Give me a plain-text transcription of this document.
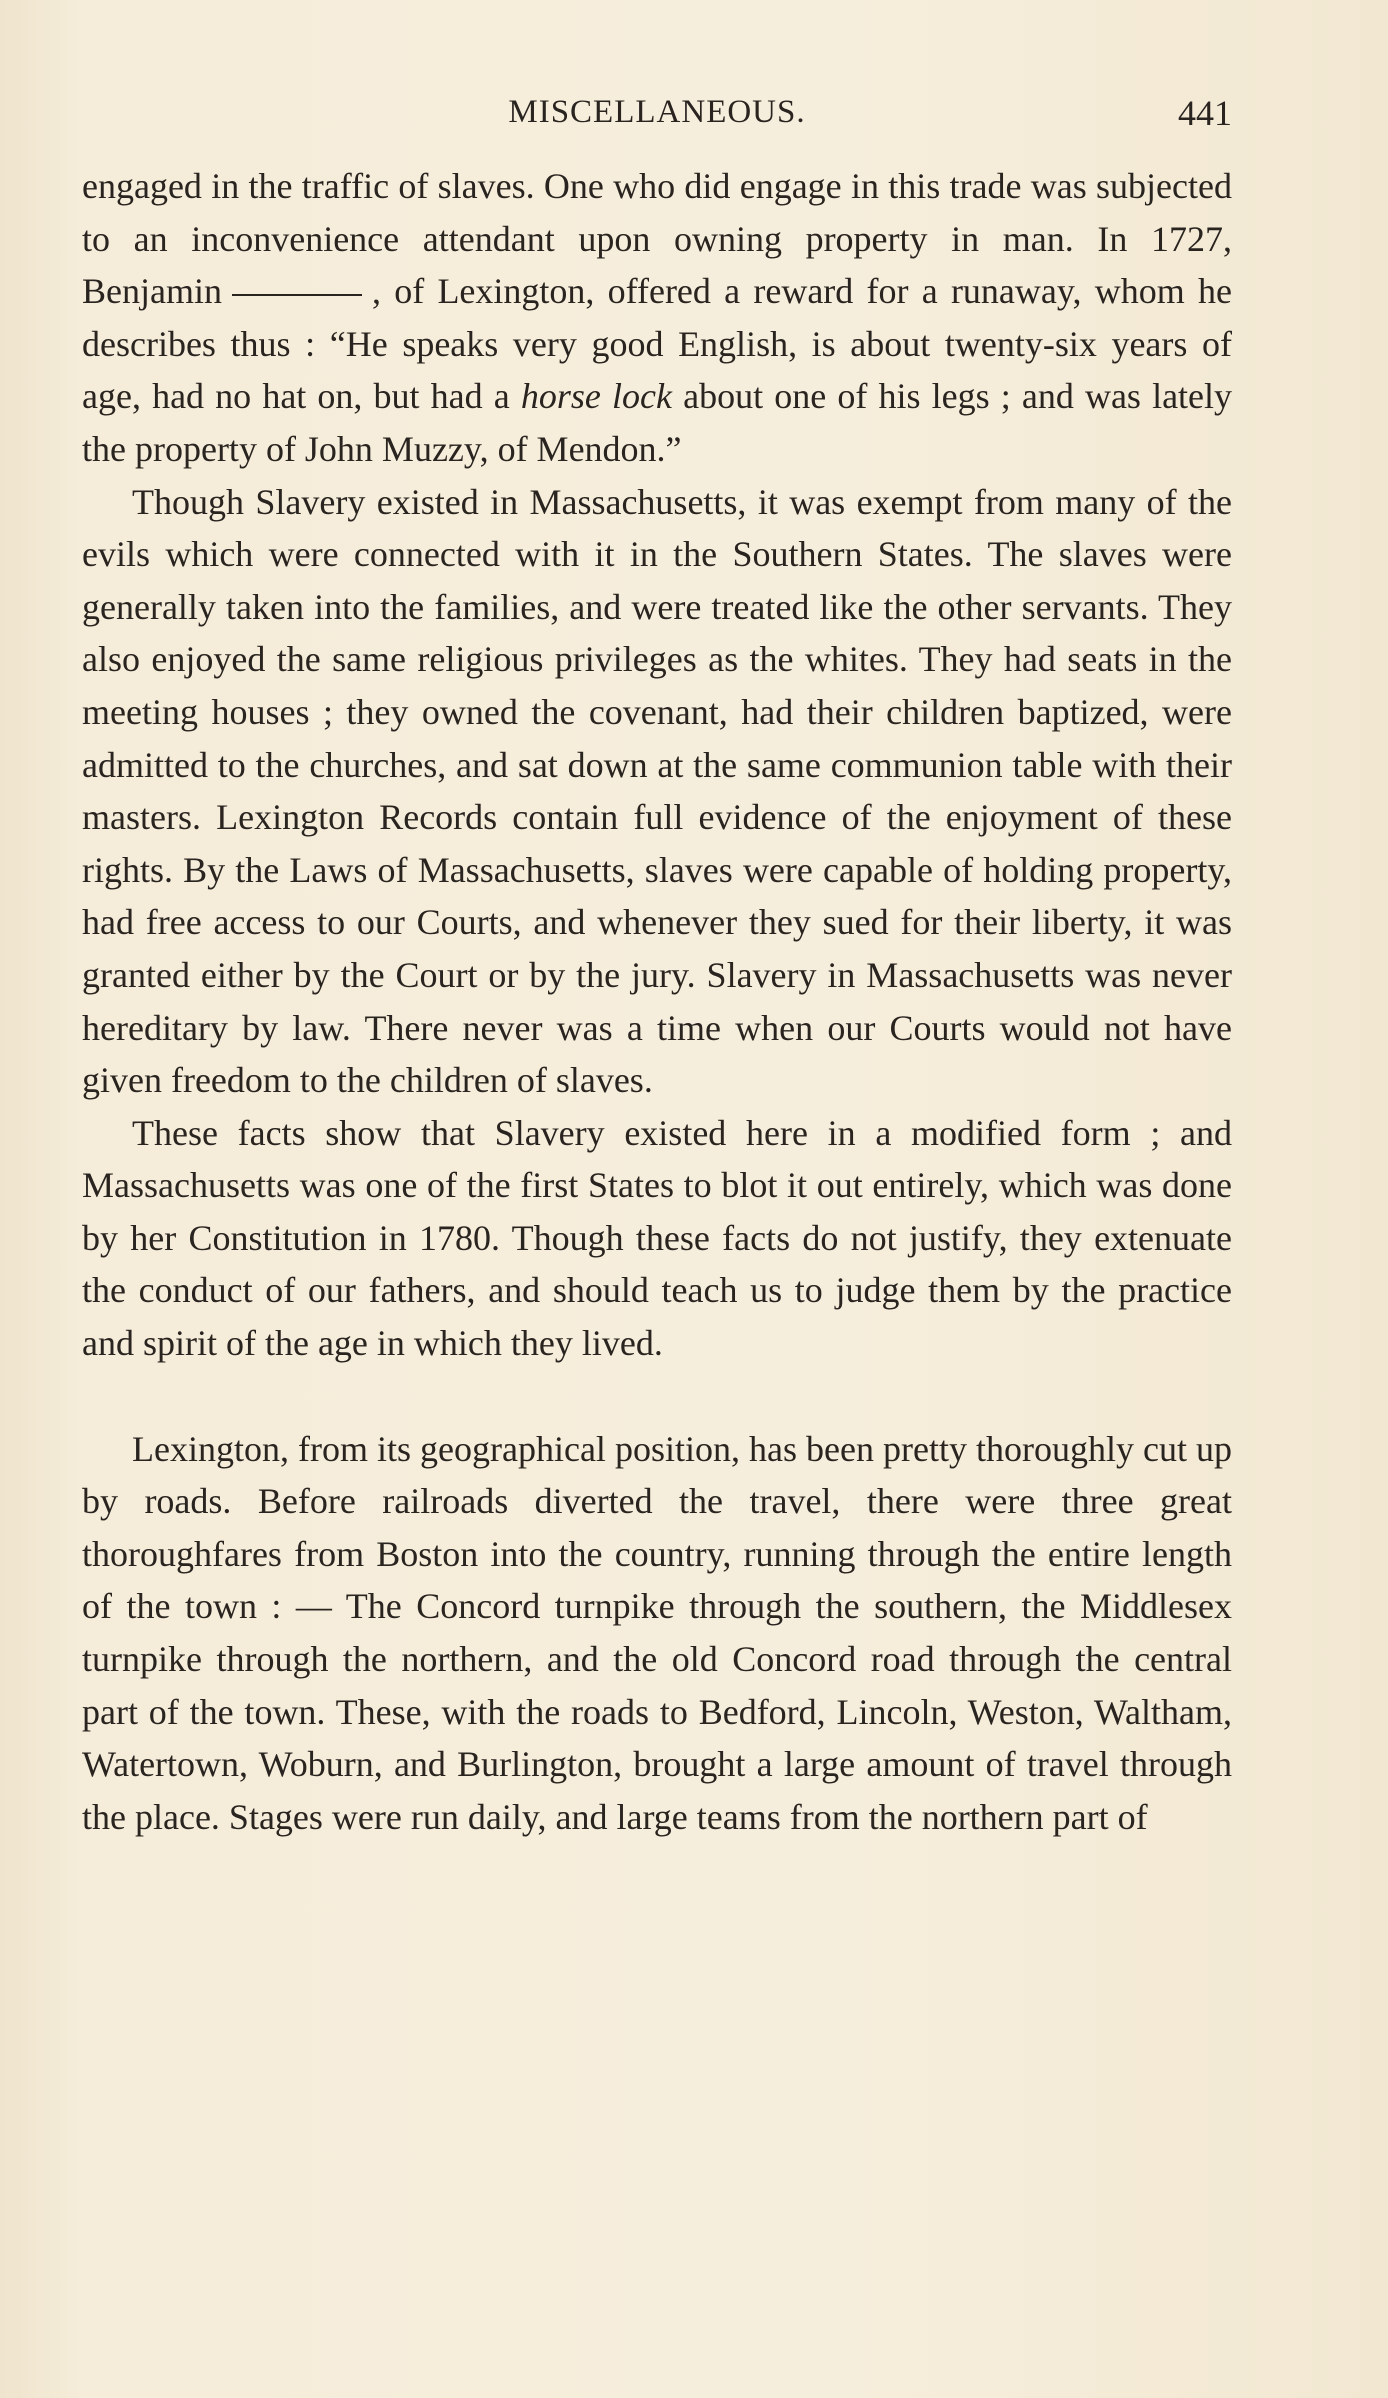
MISCELLANEOUS.	441

engaged in the traffic of slaves. One who did engage in this trade was subjected to an inconvenience attendant upon owning property in man. In 1727, Benjamin	, of Lexington, offered a reward for a runaway, whom he describes thus : “He speaks very good English, is about twenty-six years of age, had no hat on, but had a horse lock about one of his legs ; and was lately the property of John Muzzy, of Mendon.”

Though Slavery existed in Massachusetts, it was exempt from many of the evils which were connected with it in the Southern States. The slaves were generally taken into the families, and were treated like the other servants. They also enjoyed the same religious privileges as the whites. They had seats in the meeting houses ; they owned the covenant, had their children baptized, were admitted to the churches, and sat down at the same communion table with their masters. Lexington Records contain full evidence of the enjoyment of these rights. By the Laws of Massachusetts, slaves were capable of holding property, had free access to our Courts, and whenever they sued for their liberty, it was granted either by the Court or by the jury. Slavery in Massachusetts was never hereditary by law. There never was a time when our Courts would not have given freedom to the children of slaves.

These facts show that Slavery existed here in a modified form ; and Massachusetts was one of the first States to blot it out entirely, which was done by her Constitution in 1780. Though these facts do not justify, they extenuate the conduct of our fathers, and should teach us to judge them by the practice and spirit of the age in which they lived.

Lexington, from its geographical position, has been pretty thoroughly cut up by roads. Before railroads diverted the travel, there were three great thoroughfares from Boston into the country, running through the entire length of the town : — The Concord turnpike through the southern, the Middlesex turnpike through the northern, and the old Concord road through the central part of the town. These, with the roads to Bedford, Lincoln, Weston, Waltham, Watertown, Woburn, and Burlington, brought a large amount of travel through the place. Stages were run daily, and large teams from the northern part of
